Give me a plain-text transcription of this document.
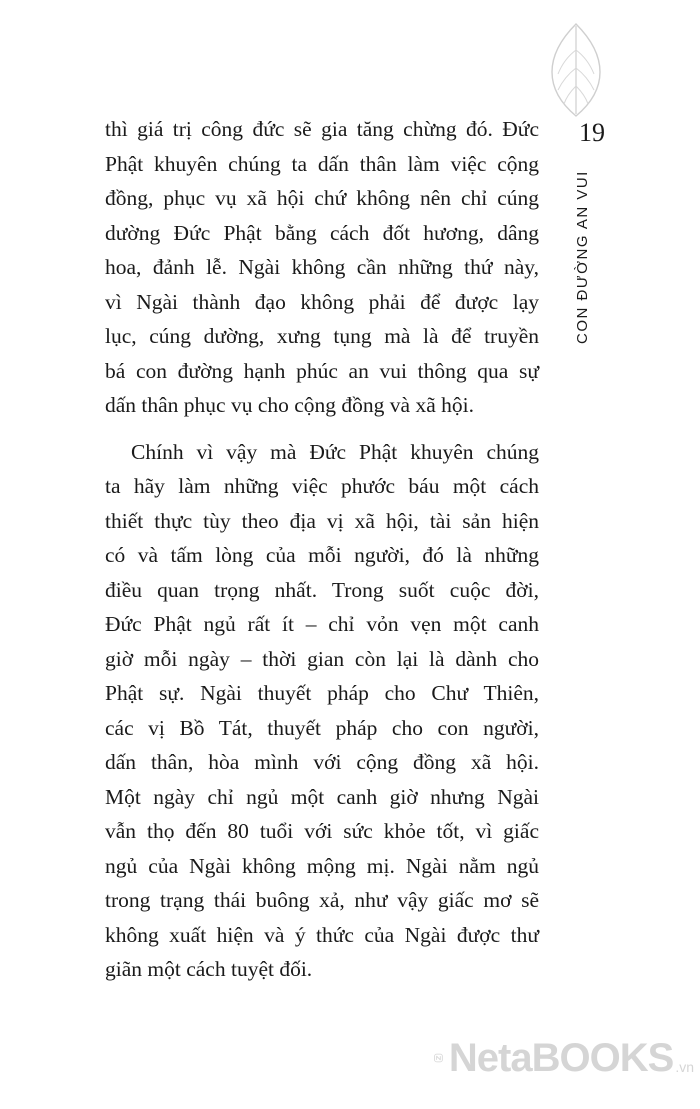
19
CON ĐƯỜNG AN VUI
thì giá trị công đức sẽ gia tăng chừng đó. Đức
Phật khuyên chúng ta dấn thân làm việc cộng
đồng, phục vụ xã hội chứ không nên chỉ cúng
dường Đức Phật bằng cách đốt hương, dâng
hoa, đảnh lễ. Ngài không cần những thứ này,
vì Ngài thành đạo không phải để được lạy
lục, cúng dường, xưng tụng mà là để truyền
bá con đường hạnh phúc an vui thông qua sự
dấn thân phục vụ cho cộng đồng và xã hội.
Chính vì vậy mà Đức Phật khuyên chúng
ta hãy làm những việc phước báu một cách
thiết thực tùy theo địa vị xã hội, tài sản hiện
có và tấm lòng của mỗi người, đó là những
điều quan trọng nhất. Trong suốt cuộc đời,
Đức Phật ngủ rất ít – chỉ vỏn vẹn một canh
giờ mỗi ngày – thời gian còn lại là dành cho
Phật sự. Ngài thuyết pháp cho Chư Thiên,
các vị Bồ Tát, thuyết pháp cho con người,
dấn thân, hòa mình với cộng đồng xã hội.
Một ngày chỉ ngủ một canh giờ nhưng Ngài
vẫn thọ đến 80 tuổi với sức khỏe tốt, vì giấc
ngủ của Ngài không mộng mị. Ngài nằm ngủ
trong trạng thái buông xả, như vậy giấc mơ sẽ
không xuất hiện và ý thức của Ngài được thư
giãn một cách tuyệt đối.
NetaBOOKS .vn
